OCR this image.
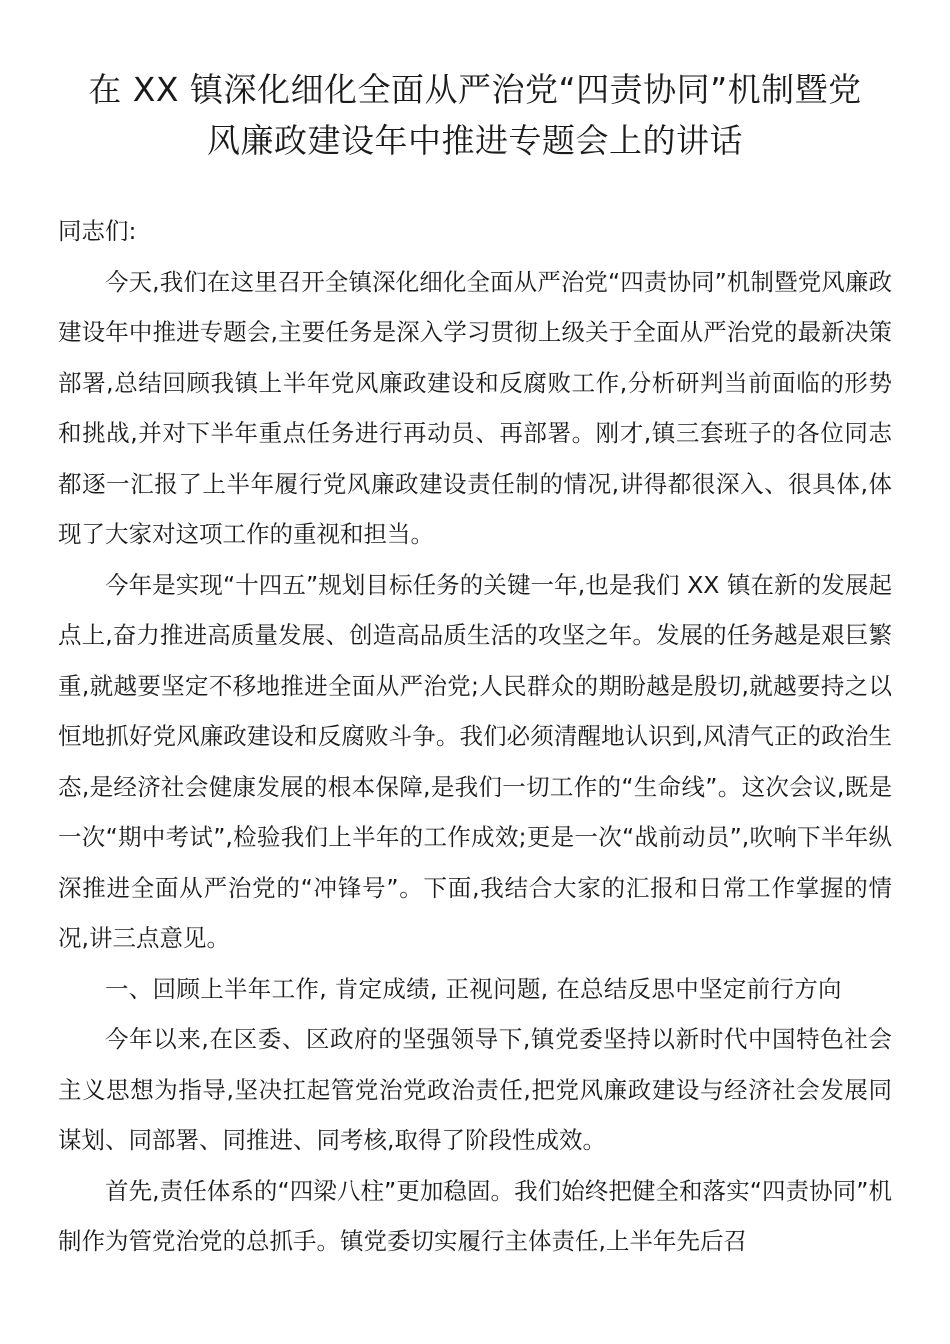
在 XX 镇深化细化全面从严治党“四责协同”机制暨党
风廉政建设年中推进专题会上的讲话

同志们:

今天,我们在这里召开全镇深化细化全面从严治党“四责协同”机制暨党风廉政建设年中推进专题会,主要任务是深入学习贯彻上级关于全面从严治党的最新决策部署,总结回顾我镇上半年党风廉政建设和反腐败工作,分析研判当前面临的形势和挑战,并对下半年重点任务进行再动员、再部署。刚才,镇三套班子的各位同志都逐一汇报了上半年履行党风廉政建设责任制的情况,讲得都很深入、很具体,体现了大家对这项工作的重视和担当。

今年是实现“十四五”规划目标任务的关键一年,也是我们 XX 镇在新的发展起点上,奋力推进高质量发展、创造高品质生活的攻坚之年。发展的任务越是艰巨繁重,就越要坚定不移地推进全面从严治党;人民群众的期盼越是殷切,就越要持之以恒地抓好党风廉政建设和反腐败斗争。我们必须清醒地认识到,风清气正的政治生态,是经济社会健康发展的根本保障,是我们一切工作的“生命线”。这次会议,既是一次“期中考试”,检验我们上半年的工作成效;更是一次“战前动员”,吹响下半年纵深推进全面从严治党的“冲锋号”。下面,我结合大家的汇报和日常工作掌握的情况,讲三点意见。

一、回顾上半年工作, 肯定成绩, 正视问题, 在总结反思中坚定前行方向

今年以来,在区委、区政府的坚强领导下,镇党委坚持以新时代中国特色社会主义思想为指导,坚决扛起管党治党政治责任,把党风廉政建设与经济社会发展同谋划、同部署、同推进、同考核,取得了阶段性成效。

首先,责任体系的“四梁八柱”更加稳固。我们始终把健全和落实“四责协同”机制作为管党治党的总抓手。镇党委切实履行主体责任,上半年先后召
